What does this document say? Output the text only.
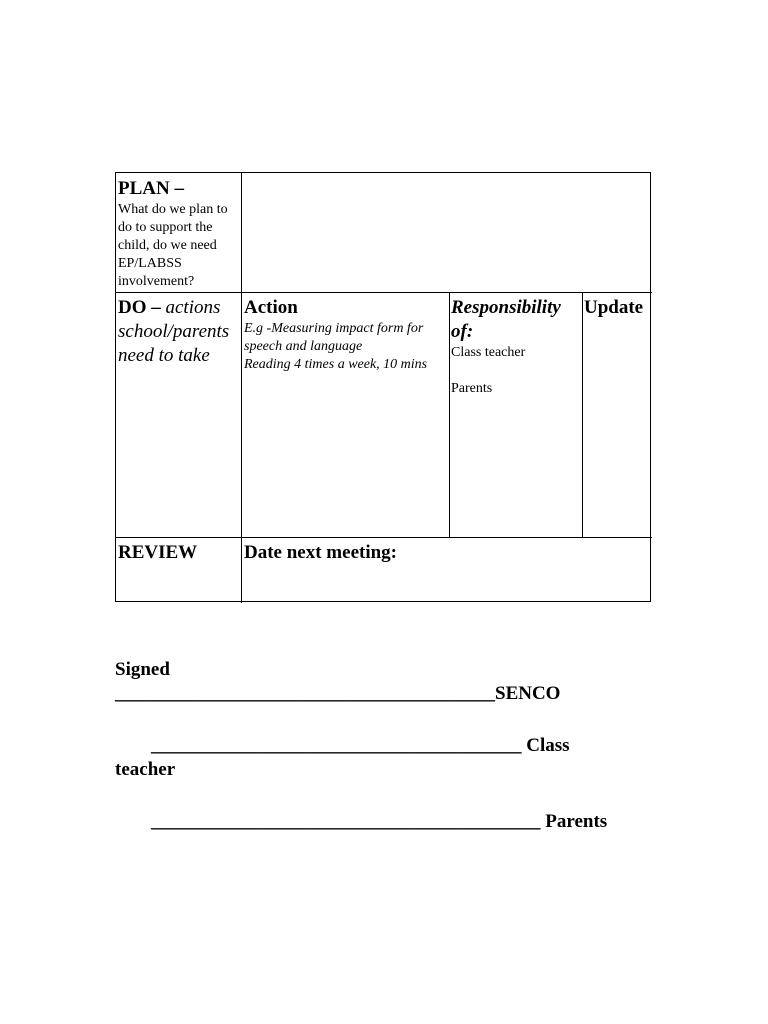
PLAN –
What do we plan to do to support the child, do we need EP/LABSS involvement?
DO – actions school/parents need to take
Action
E.g -Measuring impact form for speech and language
Reading 4 times a week, 10 mins
Responsibility of:
Class teacher
Parents
Update
REVIEW	Date next meeting:
Signed
________________________________________SENCO
_______________________________________ Class
teacher
_________________________________________ Parents
